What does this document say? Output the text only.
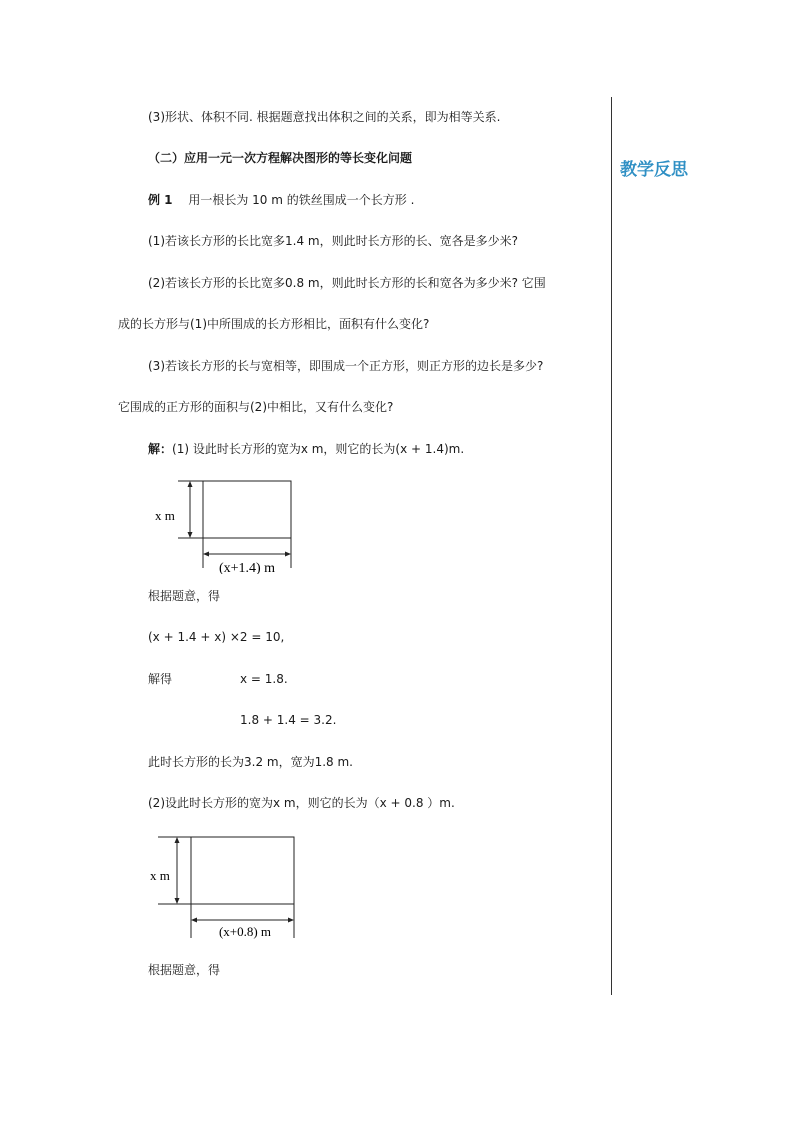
教学反思
(3)形状、体积不同. 根据题意找出体积之间的关系，即为相等关系.
（二）应用一元一次方程解决图形的等长变化问题
例 1 用一根长为 10 m 的铁丝围成一个长方形 .
(1)若该长方形的长比宽多1.4 m，则此时长方形的长、宽各是多少米?
(2)若该长方形的长比宽多0.8 m，则此时长方形的长和宽各为多少米? 它围
成的长方形与(1)中所围成的长方形相比，面积有什么变化?
(3)若该长方形的长与宽相等，即围成一个正方形，则正方形的边长是多少?
它围成的正方形的面积与(2)中相比，又有什么变化?
解：(1) 设此时长方形的宽为x m，则它的长为(x + 1.4)m.
x m
(x+1.4) m
根据题意，得
(x + 1.4 + x) ×2 = 10,
解得	x = 1.8.
1.8 + 1.4 = 3.2.
此时长方形的长为3.2 m，宽为1.8 m.
(2)设此时长方形的宽为x m，则它的长为（x + 0.8 ）m.
x m
(x+0.8) m
根据题意，得
